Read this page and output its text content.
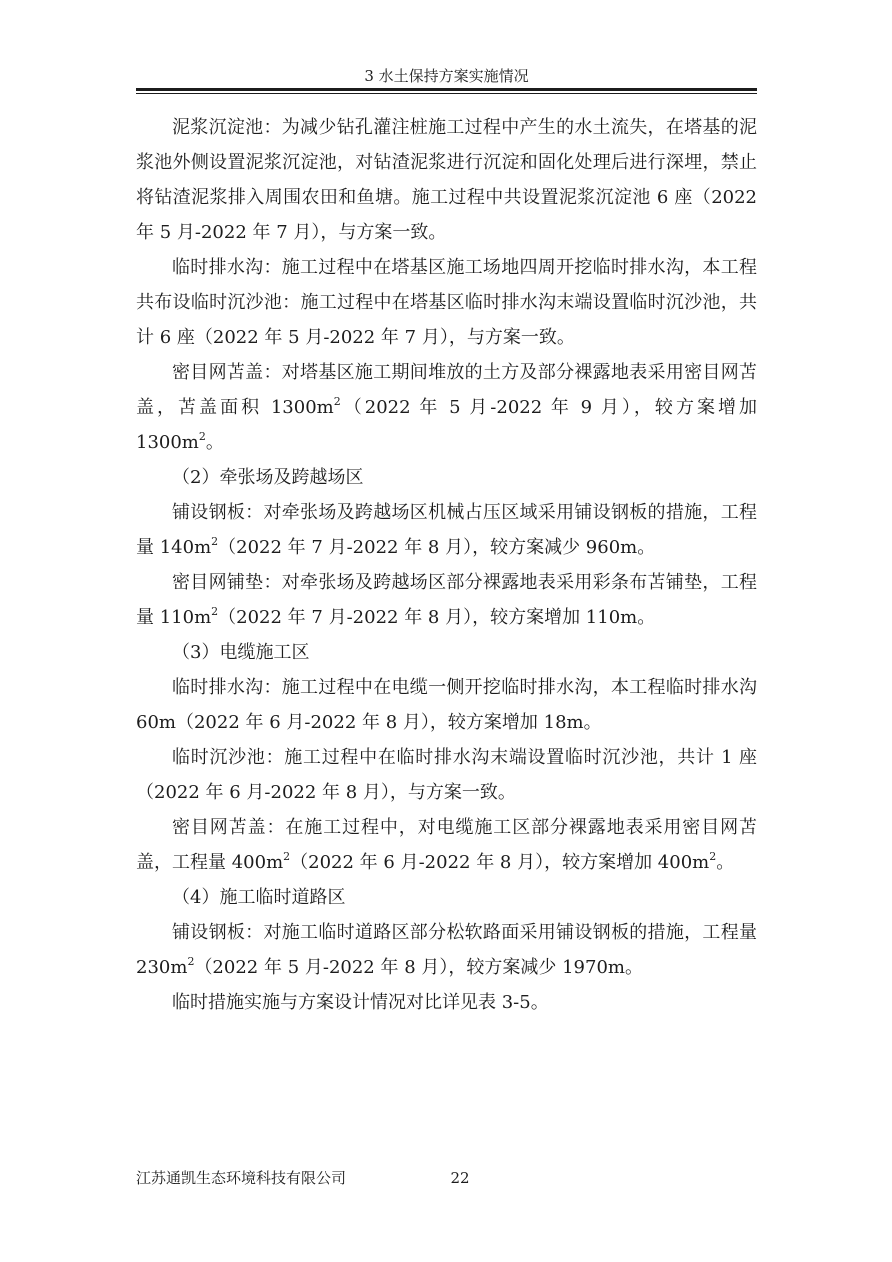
3 水土保持方案实施情况

泥浆沉淀池：为减少钻孔灌注桩施工过程中产生的水土流失，在塔基的泥浆池外侧设置泥浆沉淀池，对钻渣泥浆进行沉淀和固化处理后进行深埋，禁止将钻渣泥浆排入周围农田和鱼塘。施工过程中共设置泥浆沉淀池 6 座（2022 年 5 月-2022 年 7 月），与方案一致。

临时排水沟：施工过程中在塔基区施工场地四周开挖临时排水沟，本工程共布设临时沉沙池：施工过程中在塔基区临时排水沟末端设置临时沉沙池，共计 6 座（2022 年 5 月-2022 年 7 月），与方案一致。

密目网苫盖：对塔基区施工期间堆放的土方及部分裸露地表采用密目网苫盖，苫盖面积 $1300m^2(2022$ 年 5 月-2022 年 9 月），较方案增加 $1300m^2$。

（2）牵张场及跨越场区

铺设钢板：对牵张场及跨越场区机械占压区域采用铺设钢板的措施，工程量 $140m^2(2022$ 年 7 月-2022 年 8 月），较方案减少 960m。

密目网铺垫：对牵张场及跨越场区部分裸露地表采用彩条布苫铺垫，工程量 $110m^2(2022$ 年 7 月-2022 年 8 月），较方案增加 110m。

（3）电缆施工区

临时排水沟：施工过程中在电缆一侧开挖临时排水沟，本工程临时排水沟 60m（2022 年 6 月-2022 年 8 月），较方案增加 18m。

临时沉沙池：施工过程中在临时排水沟末端设置临时沉沙池，共计 1 座（2022 年 6 月-2022 年 8 月），与方案一致。

密目网苫盖：在施工过程中，对电缆施工区部分裸露地表采用密目网苫盖，工程量 $400m^2(2022$ 年 6 月-2022 年 8 月），较方案增加 $400m^2$。

（4）施工临时道路区

铺设钢板：对施工临时道路区部分松软路面采用铺设钢板的措施，工程量 $230m^2(2022$ 年 5 月-2022 年 8 月），较方案减少 1970m。

临时措施实施与方案设计情况对比详见表 3-5。

江苏通凯生态环境科技有限公司	22
